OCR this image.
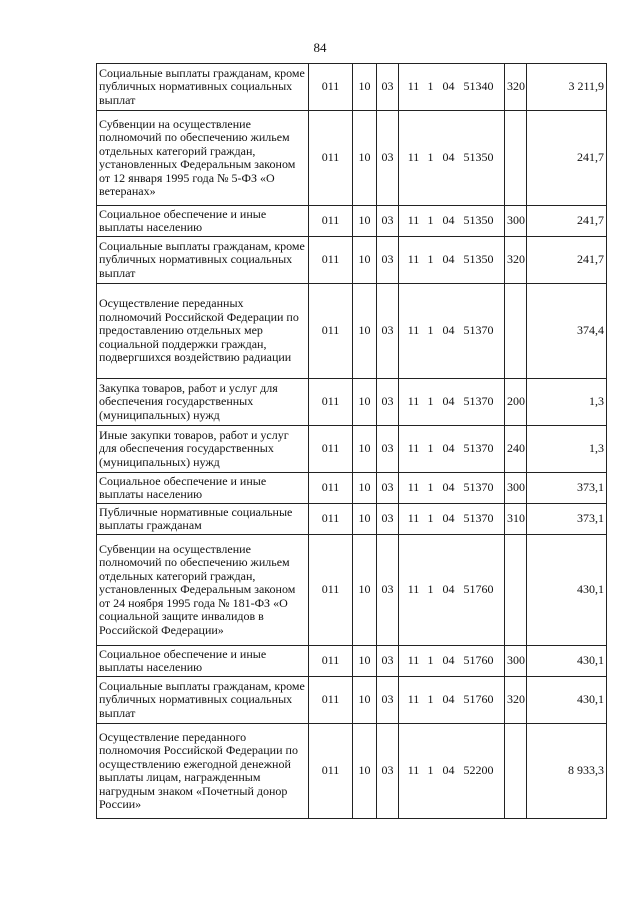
84
Социальные выплаты гражданам, кроме публичных нормативных социальных выплат	011	10	03	11 1 04 51340	320	3 211,9
Субвенции на осуществление полномочий по обеспечению жильем отдельных категорий граждан, установленных Федеральным законом от 12 января 1995 года № 5-ФЗ «О ветеранах»	011	10	03	11 1 04 51350		241,7
Социальное обеспечение и иные выплаты населению	011	10	03	11 1 04 51350	300	241,7
Социальные выплаты гражданам, кроме публичных нормативных социальных выплат	011	10	03	11 1 04 51350	320	241,7
Осуществление переданных полномочий Российской Федерации по предоставлению отдельных мер социальной поддержки граждан, подвергшихся воздействию радиации	011	10	03	11 1 04 51370		374,4
Закупка товаров, работ и услуг для обеспечения государственных (муниципальных) нужд	011	10	03	11 1 04 51370	200	1,3
Иные закупки товаров, работ и услуг для обеспечения государственных (муниципальных) нужд	011	10	03	11 1 04 51370	240	1,3
Социальное обеспечение и иные выплаты населению	011	10	03	11 1 04 51370	300	373,1
Публичные нормативные социальные выплаты гражданам	011	10	03	11 1 04 51370	310	373,1
Субвенции на осуществление полномочий по обеспечению жильем отдельных категорий граждан, установленных Федеральным законом от 24 ноября 1995 года № 181-ФЗ «О социальной защите инвалидов в Российской Федерации»	011	10	03	11 1 04 51760		430,1
Социальное обеспечение и иные выплаты населению	011	10	03	11 1 04 51760	300	430,1
Социальные выплаты гражданам, кроме публичных нормативных социальных выплат	011	10	03	11 1 04 51760	320	430,1
Осуществление переданного полномочия Российской Федерации по осуществлению ежегодной денежной выплаты лицам, награжденным нагрудным знаком «Почетный донор России»	011	10	03	11 1 04 52200		8 933,3
